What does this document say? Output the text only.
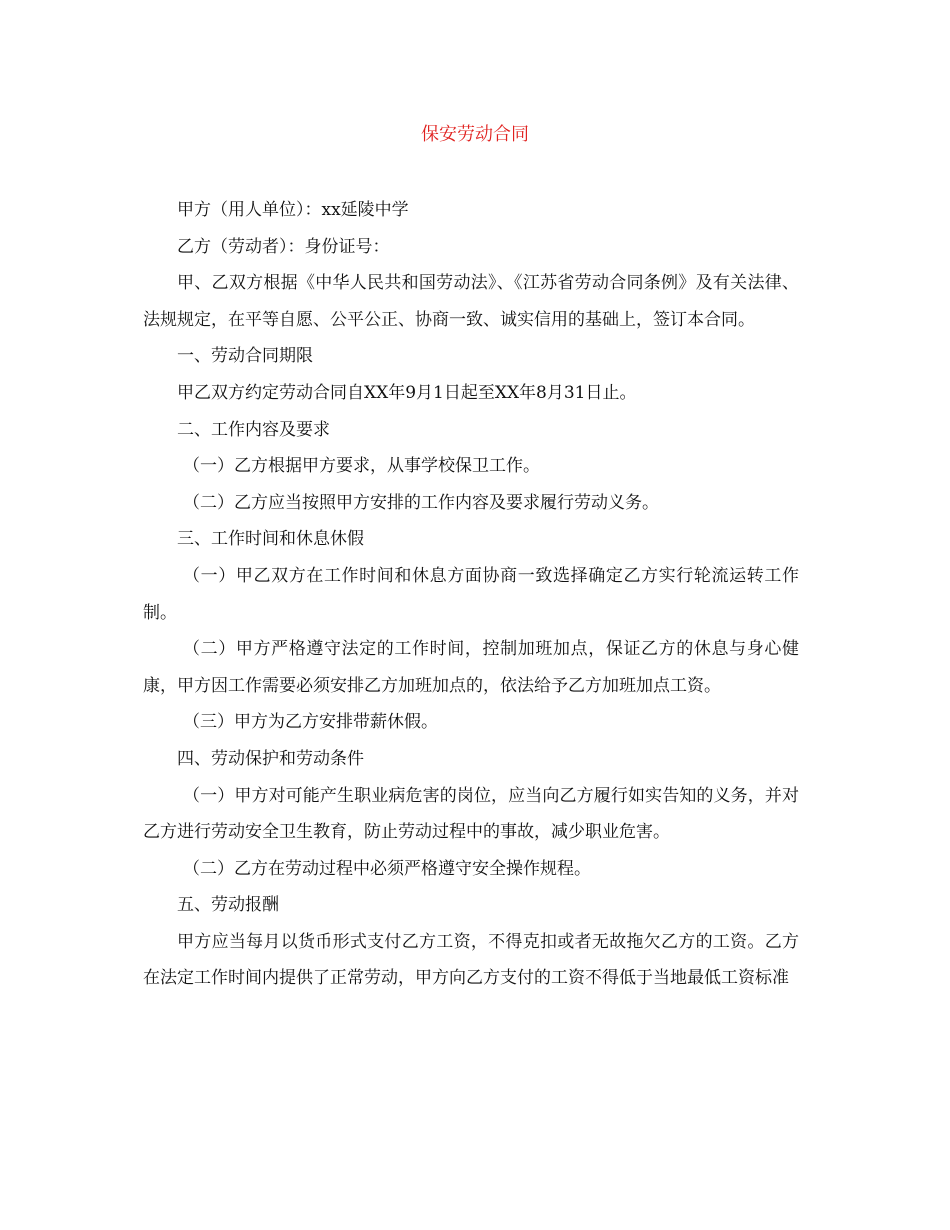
保安劳动合同

甲方（用人单位）：xx延陵中学

乙方（劳动者）：身份证号：

甲、乙双方根据《中华人民共和国劳动法》、《江苏省劳动合同条例》及有关法律、法规规定，在平等自愿、公平公正、协商一致、诚实信用的基础上，签订本合同。

一、劳动合同期限

甲乙双方约定劳动合同自XX年9月1日起至XX年8月31日止。

二、工作内容及要求

（一）乙方根据甲方要求，从事学校保卫工作。

（二）乙方应当按照甲方安排的工作内容及要求履行劳动义务。

三、工作时间和休息休假

（一）甲乙双方在工作时间和休息方面协商一致选择确定乙方实行轮流运转工作制。

（二）甲方严格遵守法定的工作时间，控制加班加点，保证乙方的休息与身心健康，甲方因工作需要必须安排乙方加班加点的，依法给予乙方加班加点工资。

（三）甲方为乙方安排带薪休假。

四、劳动保护和劳动条件

（一）甲方对可能产生职业病危害的岗位，应当向乙方履行如实告知的义务，并对乙方进行劳动安全卫生教育，防止劳动过程中的事故，减少职业危害。

（二）乙方在劳动过程中必须严格遵守安全操作规程。

五、劳动报酬

甲方应当每月以货币形式支付乙方工资，不得克扣或者无故拖欠乙方的工资。乙方在法定工作时间内提供了正常劳动，甲方向乙方支付的工资不得低于当地最低工资标准
